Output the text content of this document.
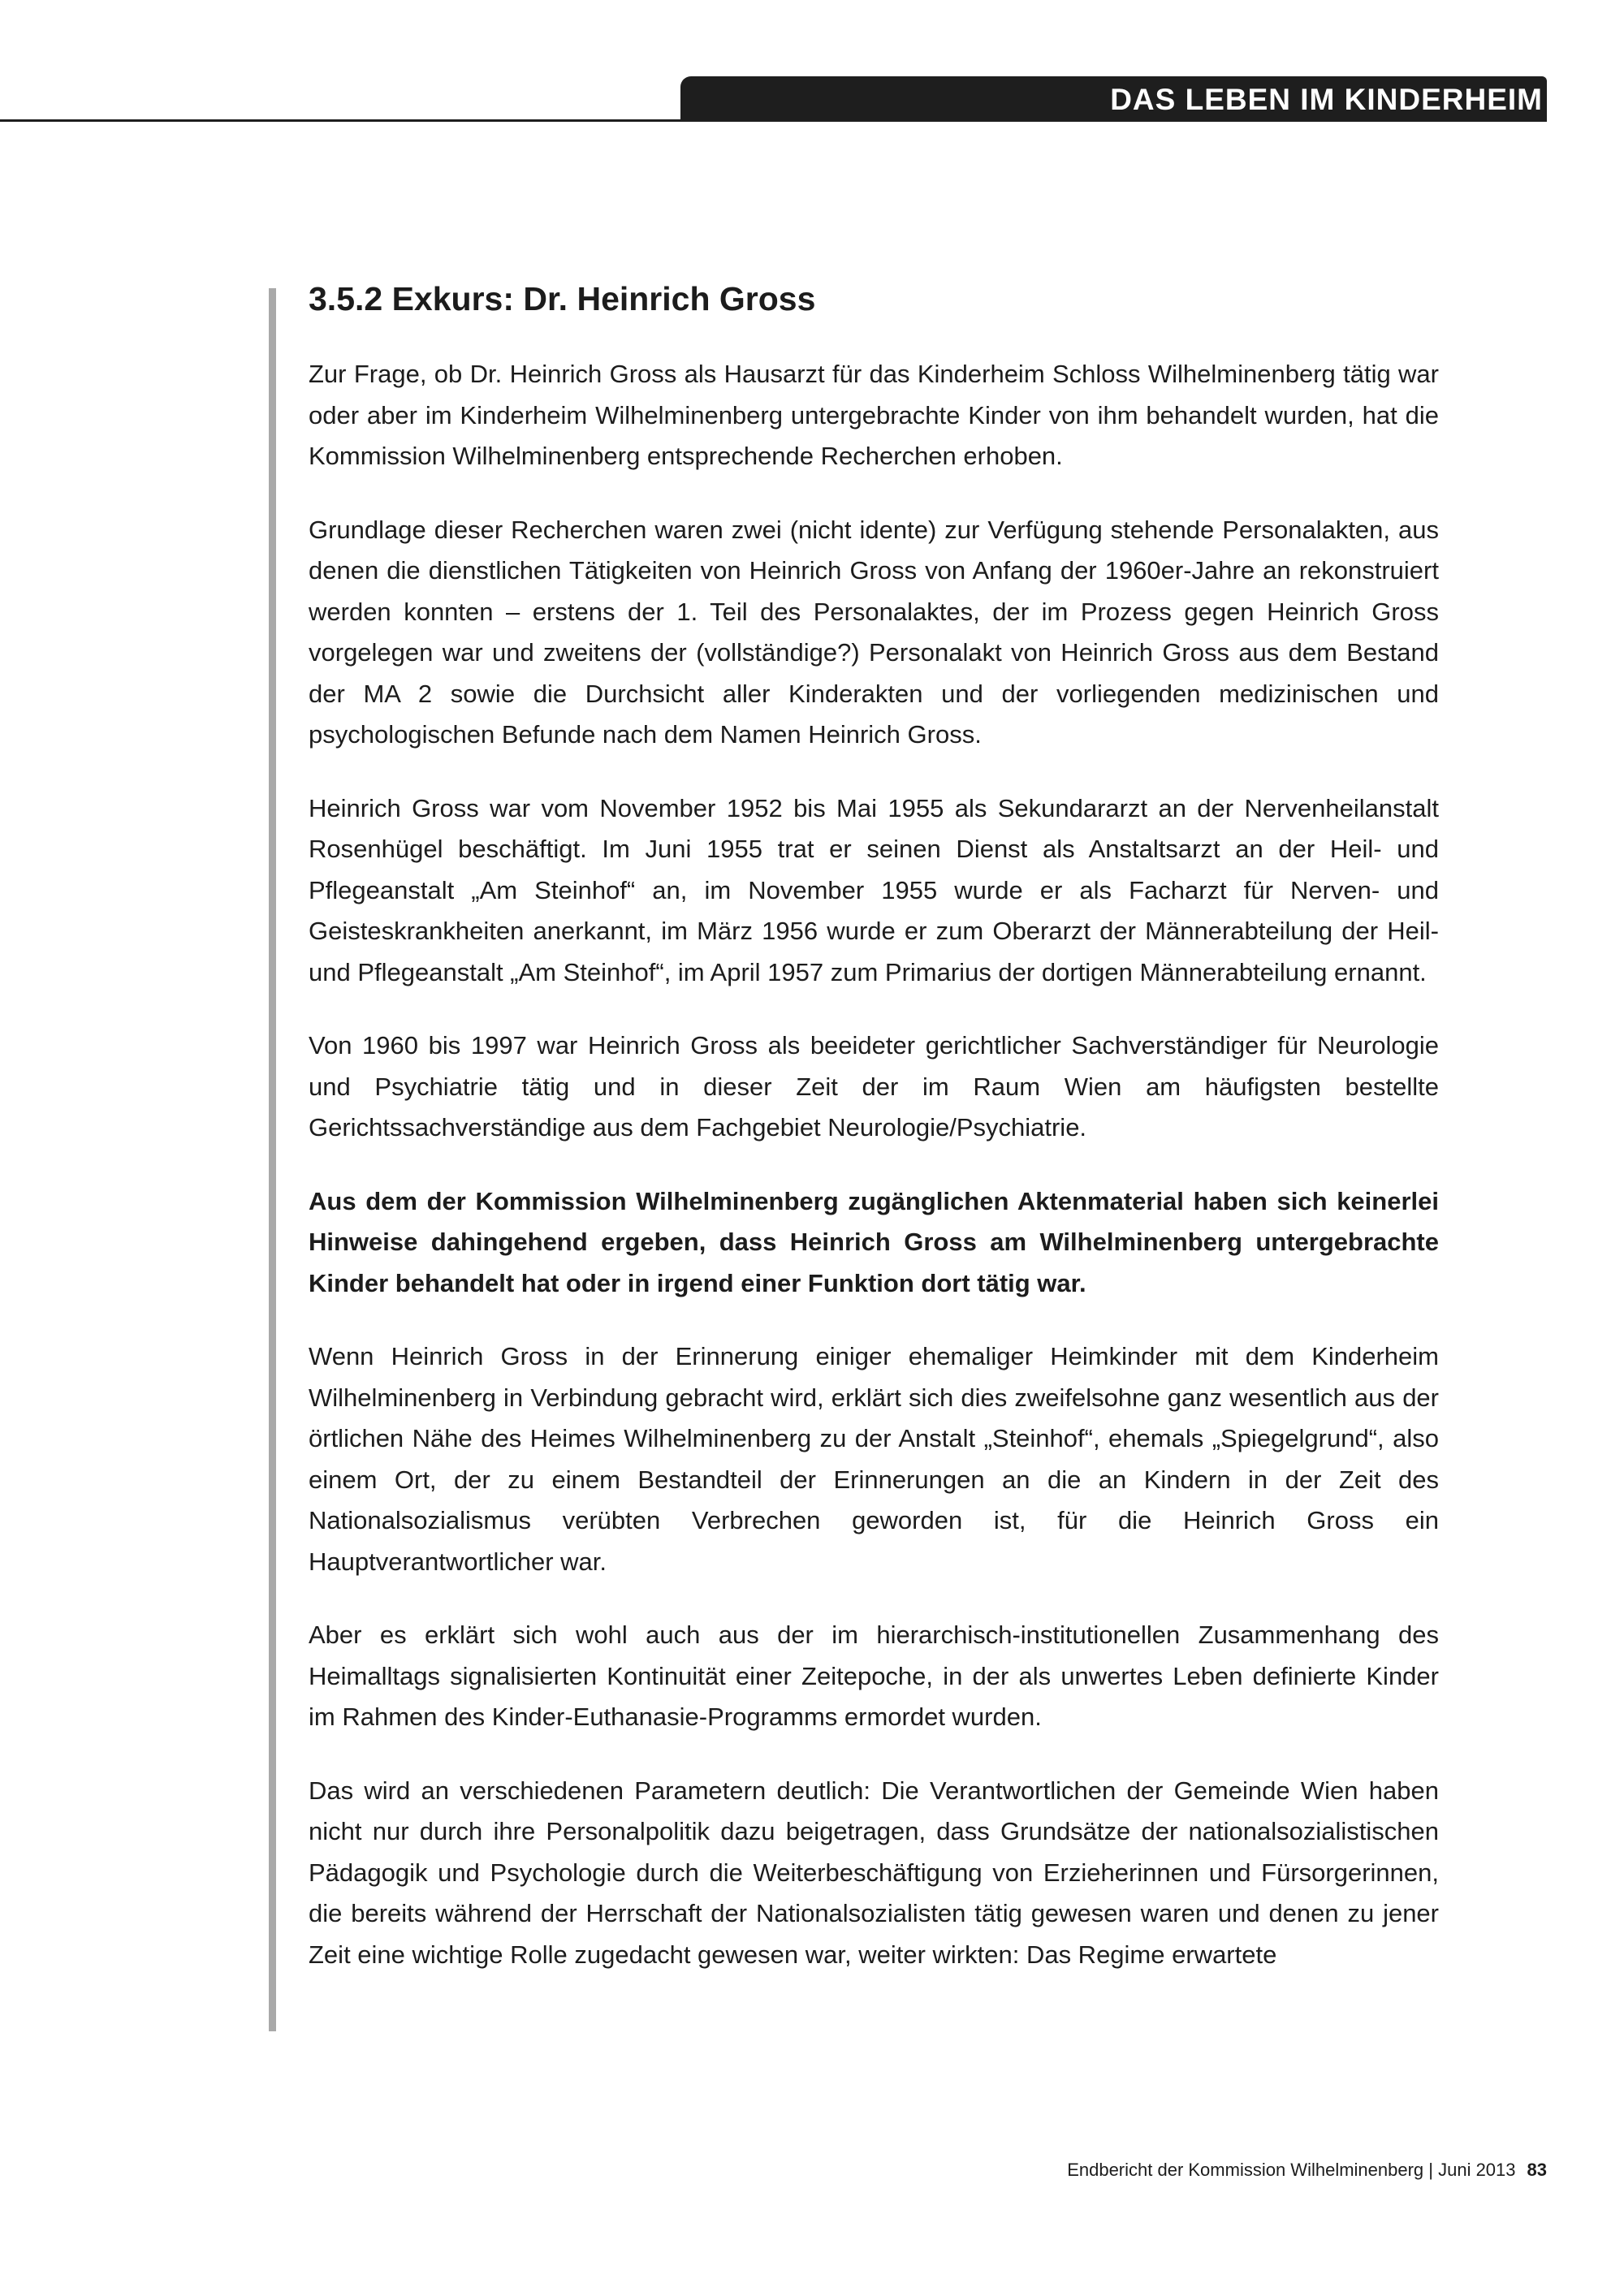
DAS LEBEN IM KINDERHEIM
3.5.2 Exkurs: Dr. Heinrich Gross

Zur Frage, ob Dr. Heinrich Gross als Hausarzt für das Kinderheim Schloss Wilhelminenberg tätig war oder aber im Kinderheim Wilhelminenberg untergebrachte Kinder von ihm behandelt wurden, hat die Kommission Wilhelminenberg entsprechende Recherchen erhoben.

Grundlage dieser Recherchen waren zwei (nicht idente) zur Verfügung stehende Personalakten, aus denen die dienstlichen Tätigkeiten von Heinrich Gross von Anfang der 1960er-Jahre an rekonstruiert werden konnten – erstens der 1. Teil des Personalaktes, der im Prozess gegen Heinrich Gross vorgelegen war und zweitens der (vollständige?) Personalakt von Heinrich Gross aus dem Bestand der MA 2 sowie die Durchsicht aller Kinderakten und der vorliegenden medizinischen und psychologischen Befunde nach dem Namen Heinrich Gross.

Heinrich Gross war vom November 1952 bis Mai 1955 als Sekundararzt an der Nervenheilanstalt Rosenhügel beschäftigt. Im Juni 1955 trat er seinen Dienst als Anstaltsarzt an der Heil- und Pflegeanstalt „Am Steinhof“ an, im November 1955 wurde er als Facharzt für Nerven- und Geisteskrankheiten anerkannt, im März 1956 wurde er zum Oberarzt der Männerabteilung der Heil- und Pflegeanstalt „Am Steinhof“, im April 1957 zum Primarius der dortigen Männerabteilung ernannt.

Von 1960 bis 1997 war Heinrich Gross als beeideter gerichtlicher Sachverständiger für Neurologie und Psychiatrie tätig und in dieser Zeit der im Raum Wien am häufigsten bestellte Gerichtssachverständige aus dem Fachgebiet Neurologie/Psychiatrie.

Aus dem der Kommission Wilhelminenberg zugänglichen Aktenmaterial haben sich keinerlei Hinweise dahingehend ergeben, dass Heinrich Gross am Wilhelminenberg untergebrachte Kinder behandelt hat oder in irgend einer Funktion dort tätig war.

Wenn Heinrich Gross in der Erinnerung einiger ehemaliger Heimkinder mit dem Kinderheim Wilhelminenberg in Verbindung gebracht wird, erklärt sich dies zweifelsohne ganz wesentlich aus der örtlichen Nähe des Heimes Wilhelminenberg zu der Anstalt „Steinhof“, ehemals „Spiegelgrund“, also einem Ort, der zu einem Bestandteil der Erinnerungen an die an Kindern in der Zeit des Nationalsozialismus verübten Verbrechen geworden ist, für die Heinrich Gross ein Hauptverantwortlicher war.

Aber es erklärt sich wohl auch aus der im hierarchisch-institutionellen Zusammenhang des Heimalltags signalisierten Kontinuität einer Zeitepoche, in der als unwertes Leben definierte Kinder im Rahmen des Kinder-Euthanasie-Programms ermordet wurden.

Das wird an verschiedenen Parametern deutlich: Die Verantwortlichen der Gemeinde Wien haben nicht nur durch ihre Personalpolitik dazu beigetragen, dass Grundsätze der nationalsozialistischen Pädagogik und Psychologie durch die Weiterbeschäftigung von Erzieherinnen und Fürsorgerinnen, die bereits während der Herrschaft der Nationalsozialisten tätig gewesen waren und denen zu jener Zeit eine wichtige Rolle zugedacht gewesen war, weiter wirkten: Das Regime erwartete

Endbericht der Kommission Wilhelminenberg | Juni 2013 83
